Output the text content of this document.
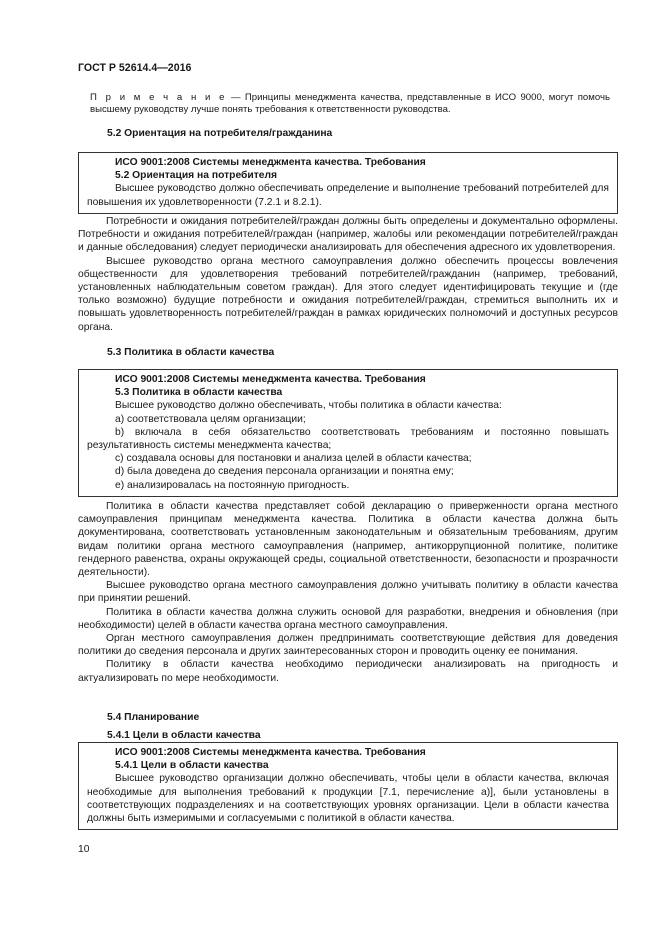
ГОСТ Р 52614.4—2016
П р и м е ч а н и е — Принципы менеджмента качества, представленные в ИСО 9000, могут помочь высшему руководству лучше понять требования к ответственности руководства.
5.2 Ориентация на потребителя/гражданина
ИСО 9001:2008 Системы менеджмента качества. Требования
5.2 Ориентация на потребителя

Высшее руководство должно обеспечивать определение и выполнение требований потребителей для повышения их удовлетворенности (7.2.1 и 8.2.1).

Потребности и ожидания потребителей/граждан должны быть определены и документально оформлены. Потребности и ожидания потребителей/граждан (например, жалобы или рекомендации потребителей/граждан и данные обследования) следует периодически анализировать для обеспечения адресного их удовлетворения.

Высшее руководство органа местного самоуправления должно обеспечить процессы вовлечения общественности для удовлетворения требований потребителей/гражданин (например, требований, установленных наблюдательным советом граждан). Для этого следует идентифицировать текущие и (где только возможно) будущие потребности и ожидания потребителей/граждан, стремиться выполнить их и повышать удовлетворенность потребителей/граждан в рамках юридических полномочий и доступных ресурсов органа.

5.3 Политика в области качества
ИСО 9001:2008 Системы менеджмента качества. Требования
5.3 Политика в области качества

Высшее руководство должно обеспечивать, чтобы политика в области качества:

а) соответствовала целям организации;

b) включала в себя обязательство соответствовать требованиям и постоянно повышать результативность системы менеджмента качества;

с) создавала основы для постановки и анализа целей в области качества;

d) была доведена до сведения персонала организации и понятна ему;

е) анализировалась на постоянную пригодность.

Политика в области качества представляет собой декларацию о приверженности органа местного самоуправления принципам менеджмента качества. Политика в области качества должна быть документирована, соответствовать установленным законодательным и обязательным требованиям, другим видам политики органа местного самоуправления (например, антикоррупционной политике, политике гендерного равенства, охраны окружающей среды, социальной ответственности, безопасности и прозрачности деятельности).

Высшее руководство органа местного самоуправления должно учитывать политику в области качества при принятии решений.

Политика в области качества должна служить основой для разработки, внедрения и обновления (при необходимости) целей в области качества органа местного самоуправления.

Орган местного самоуправления должен предпринимать соответствующие действия для доведения политики до сведения персонала и других заинтересованных сторон и проводить оценку ее понимания.

Политику в области качества необходимо периодически анализировать на пригодность и актуализировать по мере необходимости.

5.4 Планирование
5.4.1 Цели в области качества
ИСО 9001:2008 Системы менеджмента качества. Требования
5.4.1 Цели в области качества

Высшее руководство организации должно обеспечивать, чтобы цели в области качества, включая необходимые для выполнения требований к продукции [7.1, перечисление а)], были установлены в соответствующих подразделениях и на соответствующих уровнях организации. Цели в области качества должны быть измеримыми и согласуемыми с политикой в области качества.

10
